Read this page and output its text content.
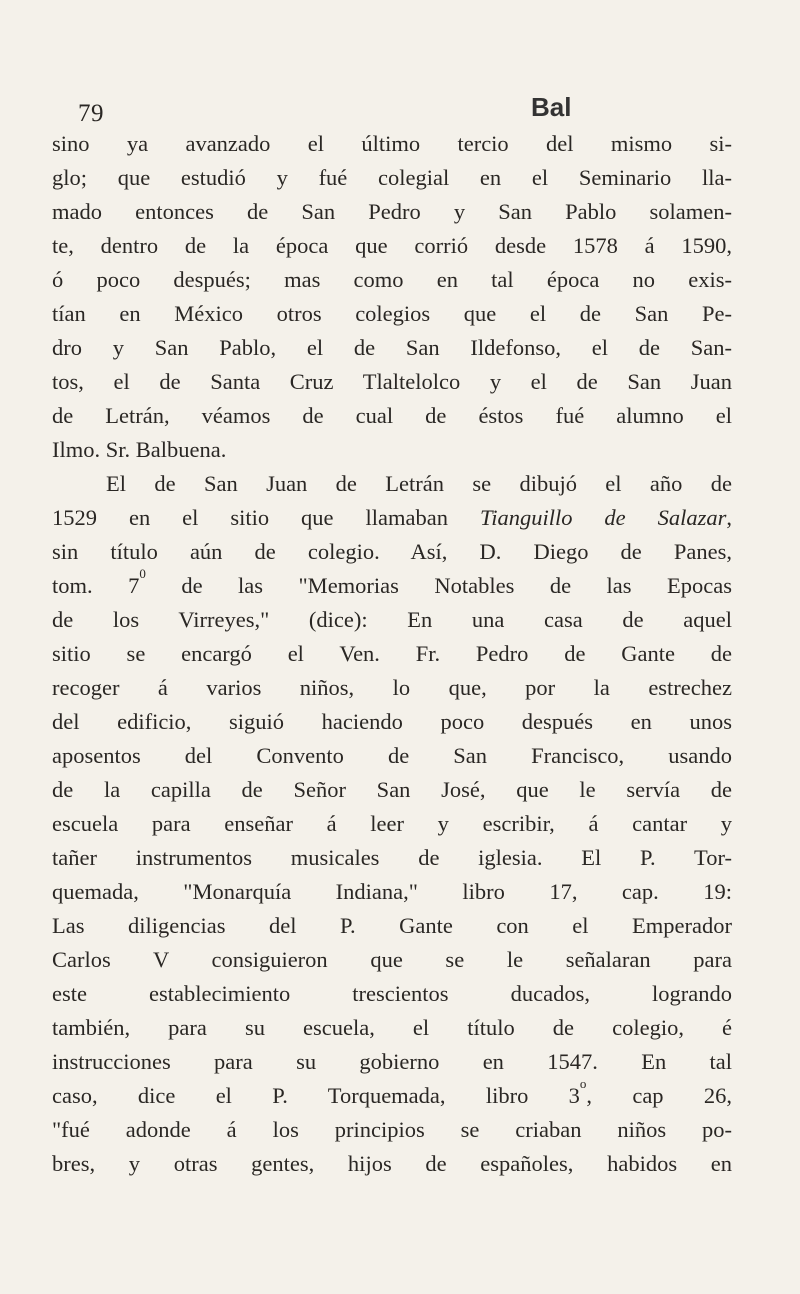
79	Bal
sino ya avanzado el último tercio del mismo si-
glo; que estudió y fué colegial en el Seminario lla-
mado entonces de San Pedro y San Pablo solamen-
te, dentro de la época que corrió desde 1578 á 1590,
ó poco después; mas como en tal época no exis-
tían en México otros colegios que el de San Pe-
dro y San Pablo, el de San Ildefonso, el de San-
tos, el de Santa Cruz Tlaltelolco y el de San Juan
de Letrán, véamos de cual de éstos fué alumno el
Ilmo. Sr. Balbuena.
El de San Juan de Letrán se dibujó el año de
1529 en el sitio que llamaban Tianguillo de Salazar,
sin título aún de colegio. Así, D. Diego de Panes,
tom. $7^0$ de las "Memorias Notables de las Epocas
de los Virreyes," (dice): En una casa de aquel
sitio se encargó el Ven. Fr. Pedro de Gante de
recoger á varios niños, lo que, por la estrechez
del edificio, siguió haciendo poco después en unos
aposentos del Convento de San Francisco, usando
de la capilla de Señor San José, que le servía de
escuela para enseñar á leer y escribir, á cantar y
tañer instrumentos musicales de iglesia. El P. Tor-
quemada, "Monarquía Indiana," libro 17, cap. 19:
Las diligencias del P. Gante con el Emperador
Carlos V consiguieron que se le señalaran para
este establecimiento trescientos ducados, logrando
también, para su escuela, el título de colegio, é
instrucciones para su gobierno en 1547. En tal
caso, dice el P. Torquemada, libro 3$^o$, cap 26,
"fué adonde á los principios se criaban niños po-
bres, y otras gentes, hijos de españoles, habidos en
